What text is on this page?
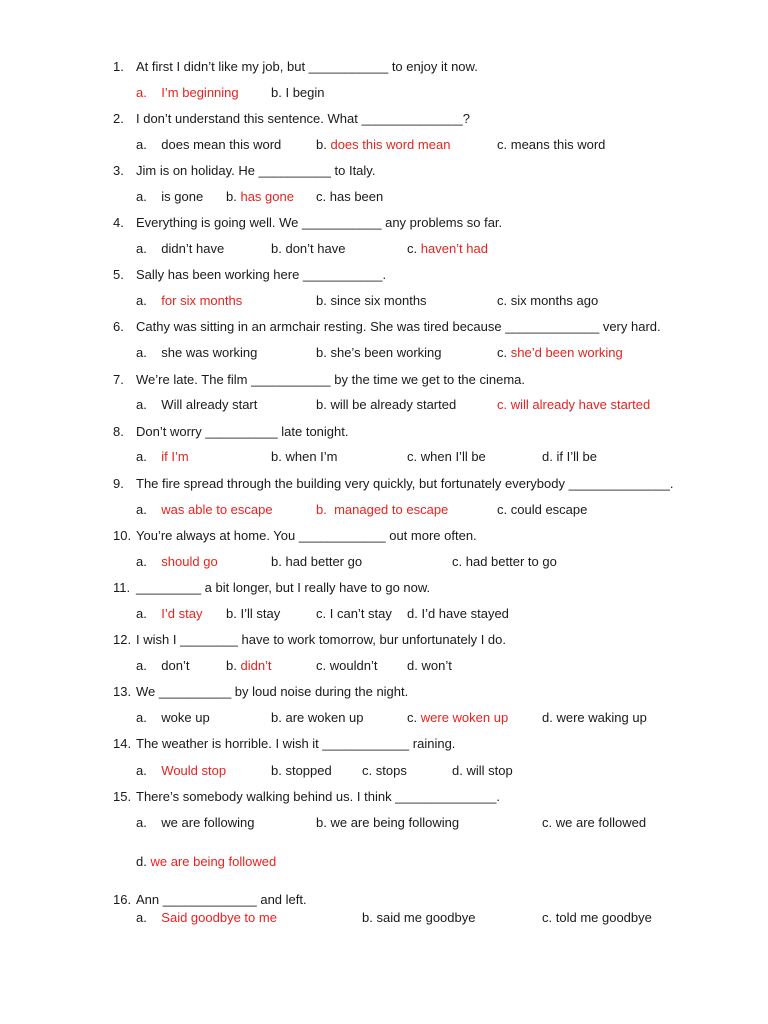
1. At first I didn’t like my job, but ___________ to enjoy it now.
a. I’m beginning b. I begin
2. I don’t understand this sentence. What ______________?
a. does mean this word	b. does this word mean	c. means this word
3. Jim is on holiday. He __________ to Italy.
a. is gone b. has gone c. has been
4. Everything is going well. We ___________ any problems so far.
a. didn’t have	b. don’t have	c. haven’t had
5. Sally has been working here ___________.
a. for six months	b. since six months	c. six months ago
6. Cathy was sitting in an armchair resting. She was tired because _____________ very hard.
a. she was working	b. she’s been working	c. she’d been working
7. We’re late. The film ___________ by the time we get to the cinema.
a. Will already start	b. will be already started	c. will already have started
8. Don’t worry __________ late tonight.
a. if I’m	b. when I’m	c. when I’ll be	d. if I’ll be
9. The fire spread through the building very quickly, but fortunately everybody ______________.
a. was able to escape	b. managed to escape	c. could escape
10. You’re always at home. You ____________ out more often.
a. should go	b. had better go	c. had better to go
11. _________ a bit longer, but I really have to go now.
a. I’d stay b. I’ll stay	c. I can’t stay d. I’d have stayed
12. I wish I ________ have to work tomorrow, bur unfortunately I do.
a. don’t	b. didn’t	c. wouldn’t d. won’t
13. We __________ by loud noise during the night.
a. woke up	b. are woken up	c. were woken up	d. were waking up
14. The weather is horrible. I wish it ____________ raining.
a. Would stop	b. stopped c. stops	d. will stop
15. There’s somebody walking behind us. I think ______________.
a. we are following	b. we are being following	c. we are followed
d. we are being followed
16. Ann _____________ and left.
a. Said goodbye to me	b. said me goodbye	c. told me goodbye
